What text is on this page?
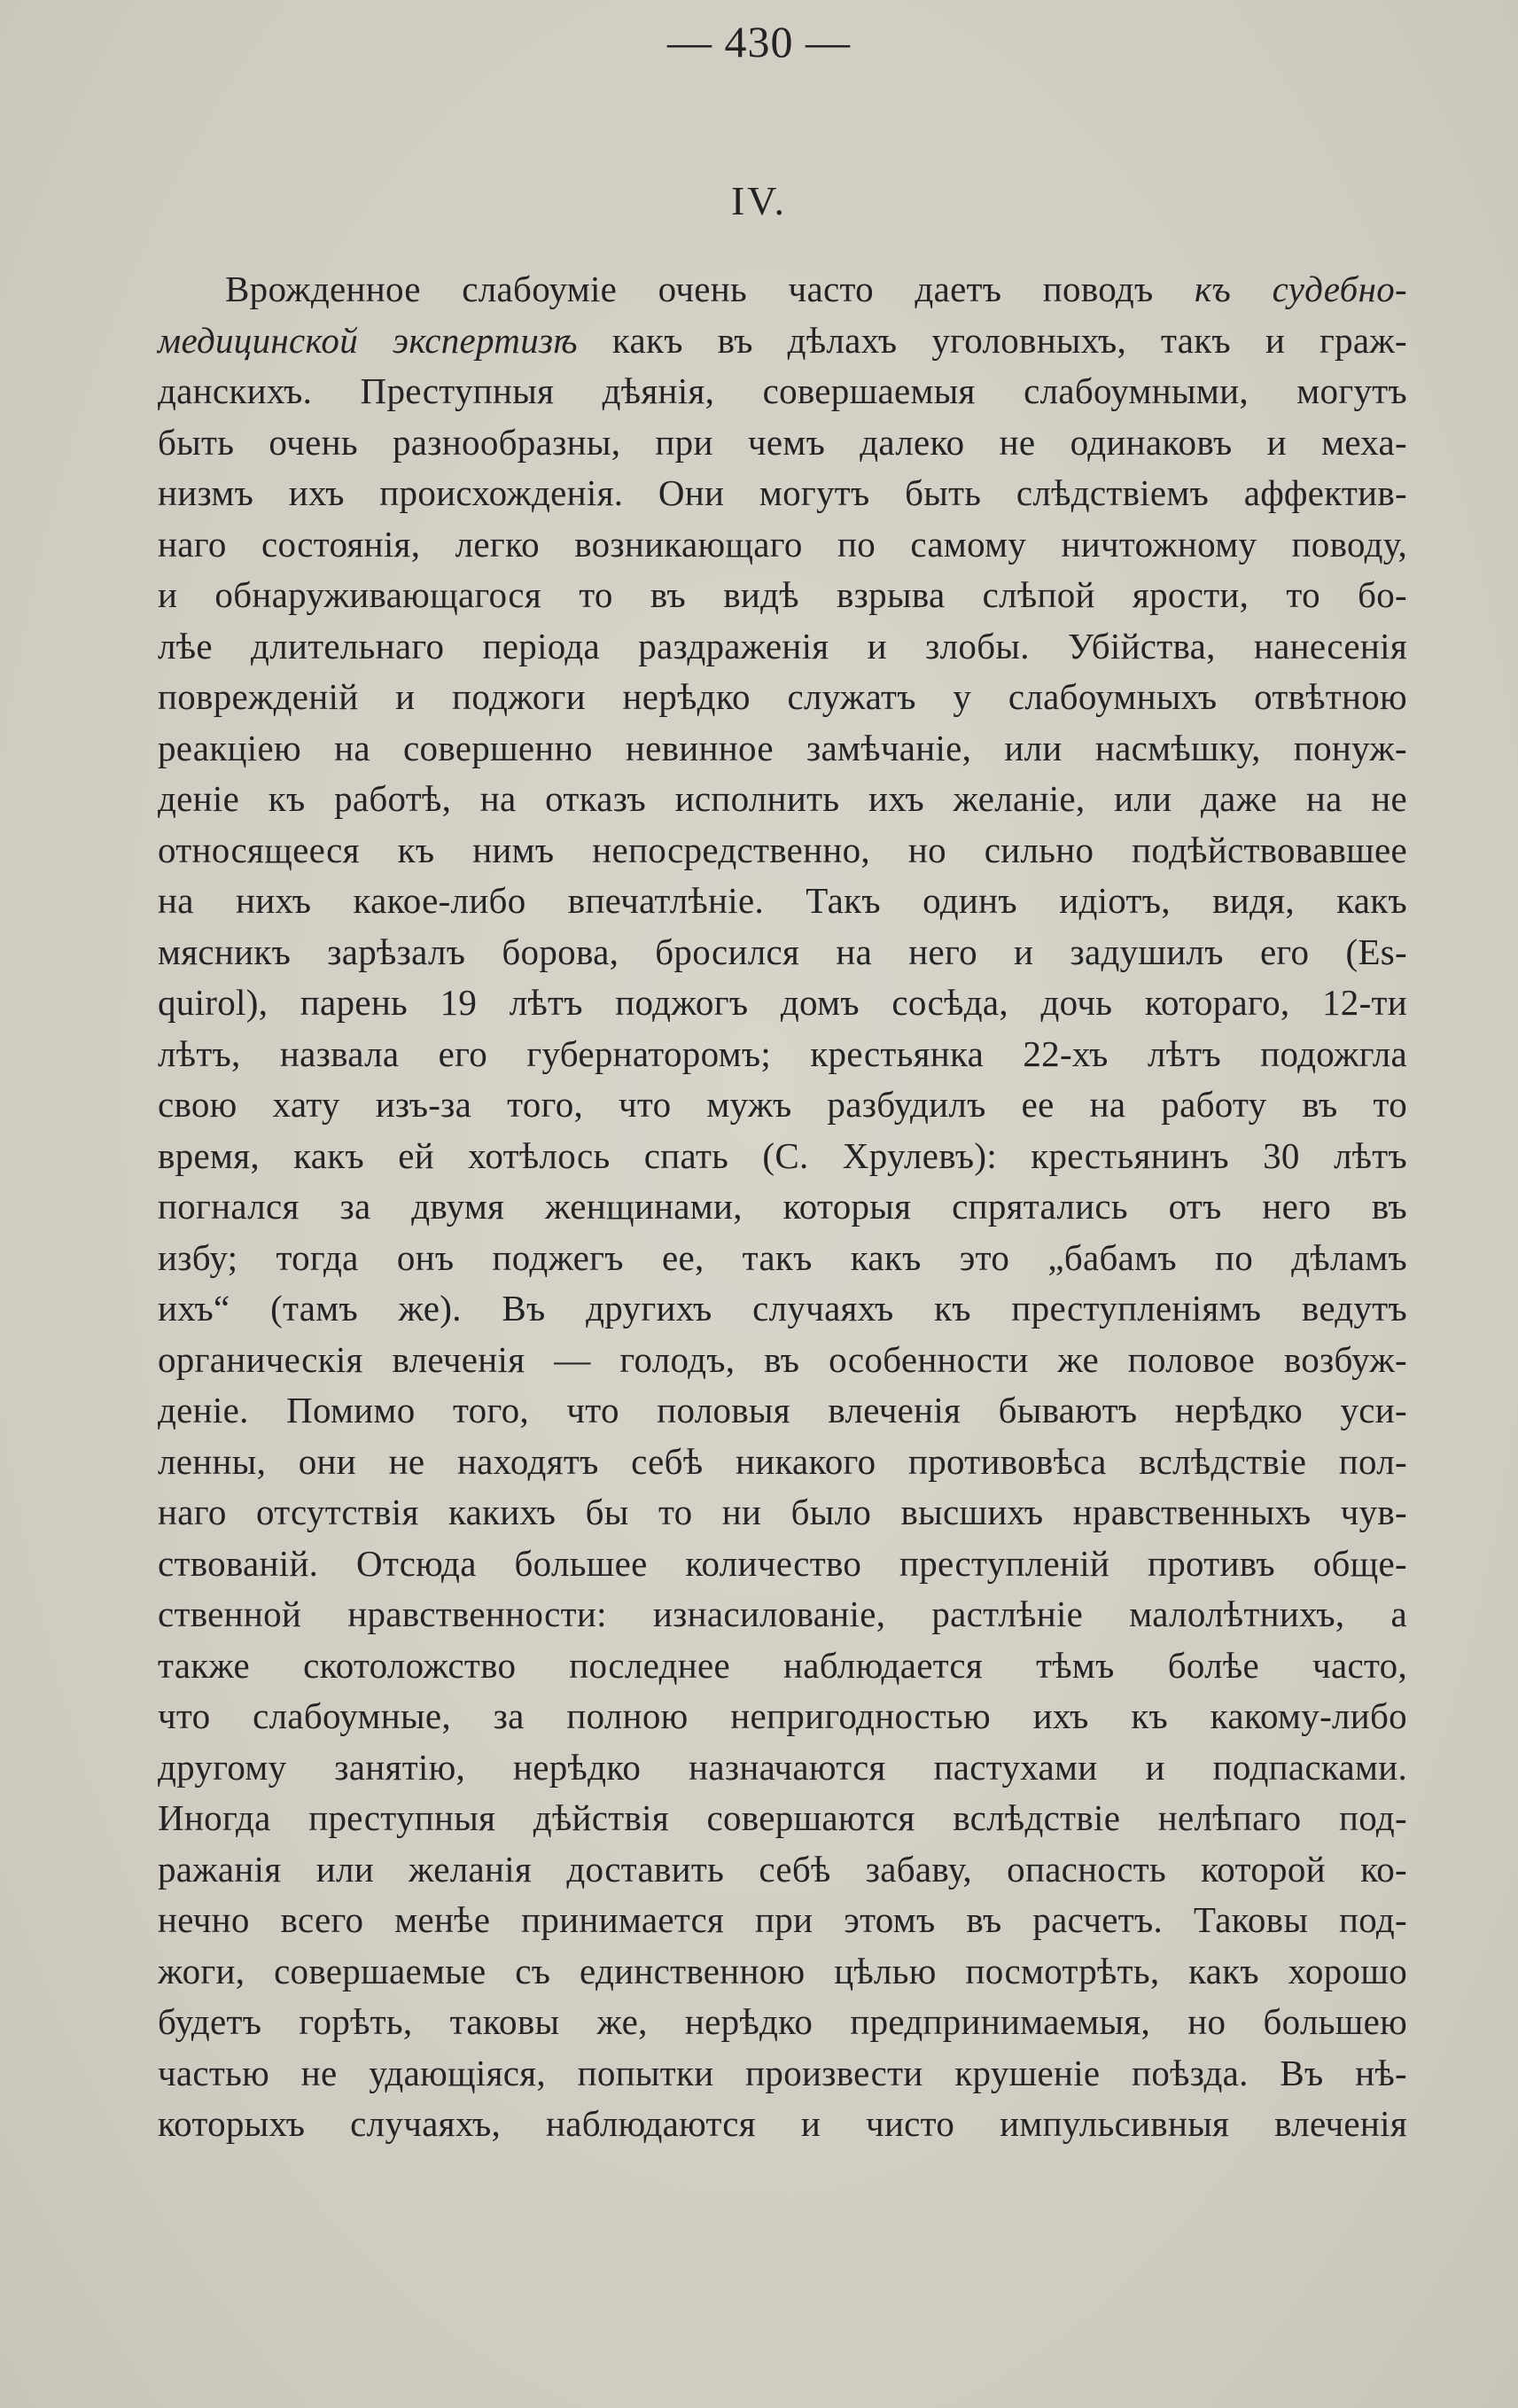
— 430 —
IV.
Врожденное слабоуміе очень часто даетъ поводъ къ судебно-
медицинской экспертизѣ какъ въ дѣлахъ уголовныхъ, такъ и граж-
данскихъ. Преступныя дѣянія, совершаемыя слабоумными, могутъ
быть очень разнообразны, при чемъ далеко не одинаковъ и меха-
низмъ ихъ происхожденія. Они могутъ быть слѣдствіемъ аффектив-
наго состоянія, легко возникающаго по самому ничтожному поводу,
и обнаруживающагося то въ видѣ взрыва слѣпой ярости, то бо-
лѣе длительнаго періода раздраженія и злобы. Убійства, нанесенія
поврежденій и поджоги нерѣдко служатъ у слабоумныхъ отвѣтною
реакціею на совершенно невинное замѣчаніе, или насмѣшку, понуж-
деніе къ работѣ, на отказъ исполнить ихъ желаніе, или даже на не
относящееся къ нимъ непосредственно, но сильно подѣйствовавшее
на нихъ какое-либо впечатлѣніе. Такъ одинъ идіотъ, видя, какъ
мясникъ зарѣзалъ борова, бросился на него и задушилъ его (Es-
quirol), парень 19 лѣтъ поджогъ домъ сосѣда, дочь котораго, 12-ти
лѣтъ, назвала его губернаторомъ; крестьянка 22-хъ лѣтъ подожгла
свою хату изъ-за того, что мужъ разбудилъ ее на работу въ то
время, какъ ей хотѣлось спать (С. Хрулевъ): крестьянинъ 30 лѣтъ
погнался за двумя женщинами, которыя спрятались отъ него въ
избу; тогда онъ поджегъ ее, такъ какъ это „бабамъ по дѣламъ
ихъ“ (тамъ же). Въ другихъ случаяхъ къ преступленіямъ ведутъ
органическія влеченія — голодъ, въ особенности же половое возбуж-
деніе. Помимо того, что половыя влеченія бываютъ нерѣдко уси-
ленны, они не находятъ себѣ никакого противовѣса вслѣдствіе пол-
наго отсутствія какихъ бы то ни было высшихъ нравственныхъ чув-
ствованій. Отсюда большее количество преступленій противъ обще-
ственной нравственности: изнасилованіе, растлѣніе малолѣтнихъ, а
также скотоложство последнее наблюдается тѣмъ болѣе часто,
что слабоумные, за полною непригодностью ихъ къ какому-либо
другому занятію, нерѣдко назначаются пастухами и подпасками.
Иногда преступныя дѣйствія совершаются вслѣдствіе нелѣпаго под-
ражанія или желанія доставить себѣ забаву, опасность которой ко-
нечно всего менѣе принимается при этомъ въ расчетъ. Таковы под-
жоги, совершаемые съ единственною цѣлью посмотрѣть, какъ хорошо
будетъ горѣть, таковы же, нерѣдко предпринимаемыя, но большею
частью не удающіяся, попытки произвести крушеніе поѣзда. Въ нѣ-
которыхъ случаяхъ, наблюдаются и чисто импульсивныя влеченія
